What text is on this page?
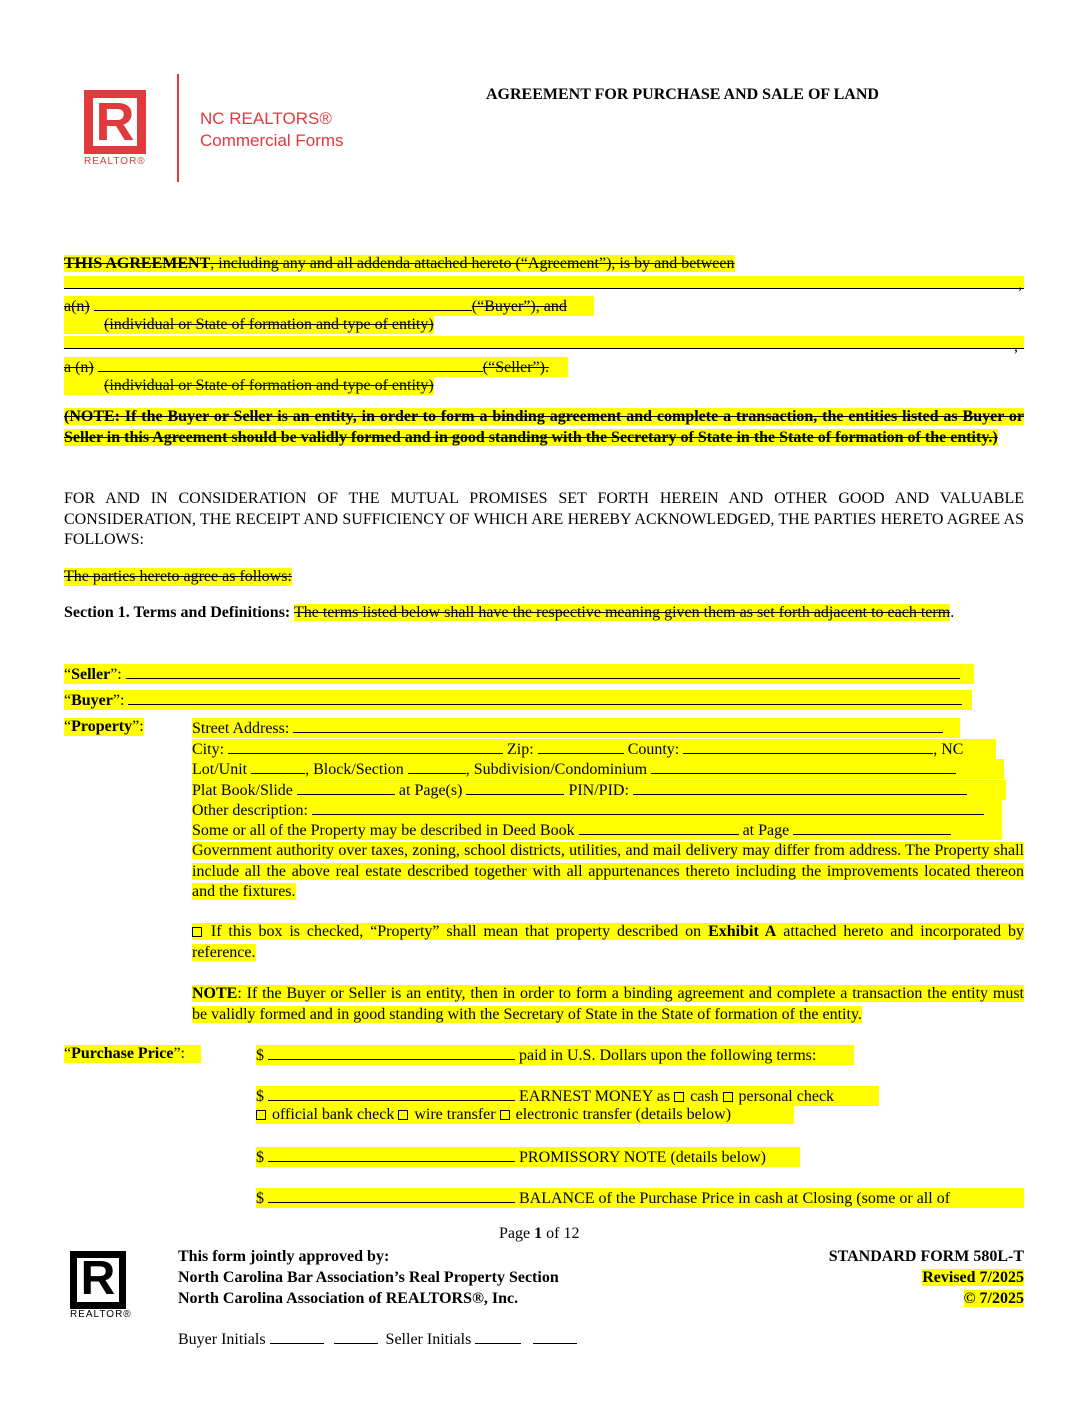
R
REALTOR®
NC REALTORS®
Commercial Forms
AGREEMENT FOR PURCHASE AND SALE OF LAND
THIS AGREEMENT, including any and all addenda attached hereto (“Agreement”), is by and between
,
a(n)	(“Buyer”), and
(individual or State of formation and type of entity)
,
a (n)	(“Seller”).
(individual or State of formation and type of entity)
(NOTE: If the Buyer or Seller is an entity, in order to form a binding agreement and complete a transaction, the entities listed as Buyer or Seller in this Agreement should be validly formed and in good standing with the Secretary of State in the State of formation of the entity.)
FOR AND IN CONSIDERATION OF THE MUTUAL PROMISES SET FORTH HEREIN AND OTHER GOOD AND VALUABLE CONSIDERATION, THE RECEIPT AND SUFFICIENCY OF WHICH ARE HEREBY ACKNOWLEDGED, THE PARTIES HERETO AGREE AS FOLLOWS:
The parties hereto agree as follows:
Section 1. Terms and Definitions: The terms listed below shall have the respective meaning given them as set forth adjacent to each term.
“Seller”:
“Buyer”:
“Property”:	Street Address:
City:	Zip:	County:	, NC
Lot/Unit	, Block/Section	, Subdivision/Condominium
Plat Book/Slide	at Page(s)	PIN/PID:
Other description:
Some or all of the Property may be described in Deed Book	at Page
Government authority over taxes, zoning, school districts, utilities, and mail delivery may differ from address. The Property shall include all the above real estate described together with all appurtenances thereto including the improvements located thereon and the fixtures.
If this box is checked, “Property” shall mean that property described on Exhibit A attached hereto and incorporated by reference.
NOTE: If the Buyer or Seller is an entity, then in order to form a binding agreement and complete a transaction the entity must be validly formed and in good standing with the Secretary of State in the State of formation of the entity.
“Purchase Price”:	$	paid in U.S. Dollars upon the following terms:
$	EARNEST MONEY as cash personal check
official bank check wire transfer electronic transfer (details below)
$	PROMISSORY NOTE (details below)
$	BALANCE of the Purchase Price in cash at Closing (some or all of
Page 1 of 12
R
REALTOR®
This form jointly approved by:
North Carolina Bar Association’s Real Property Section
North Carolina Association of REALTORS®, Inc.
STANDARD FORM 580L-T
Revised 7/2025
© 7/2025
Buyer Initials	Seller Initials
